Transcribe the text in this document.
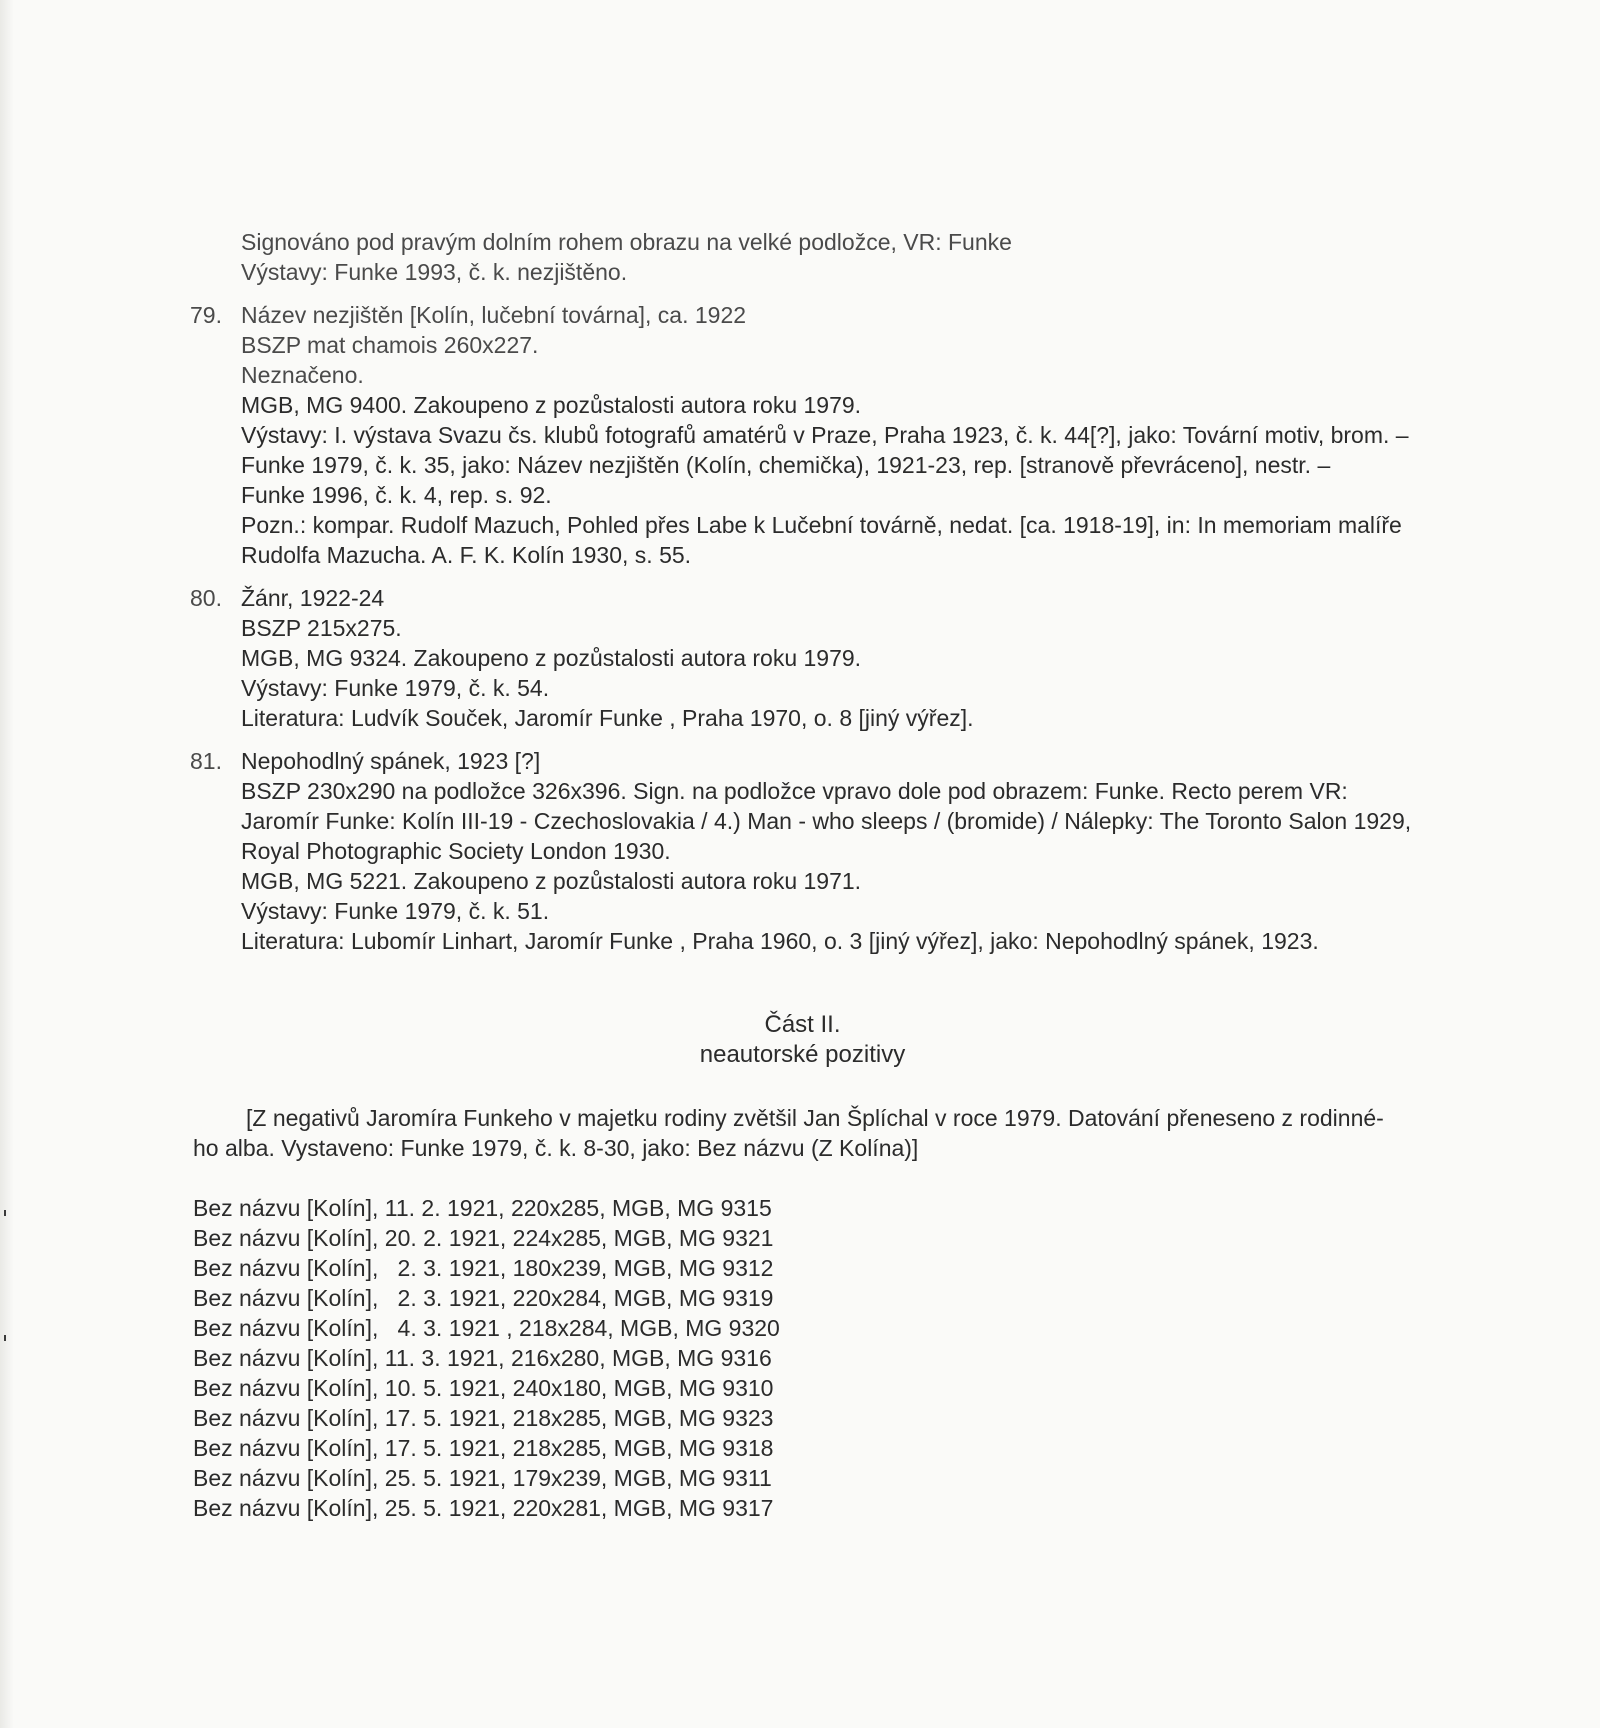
Signováno pod pravým dolním rohem obrazu na velké podložce, VR: Funke
Výstavy: Funke 1993, č. k. nezjištěno.
79. Název nezjištěn [Kolín, lučební továrna], ca. 1922
BSZP mat chamois 260x227.
Neznačeno.
MGB, MG 9400. Zakoupeno z pozůstalosti autora roku 1979.
Výstavy: I. výstava Svazu čs. klubů fotografů amatérů v Praze, Praha 1923, č. k. 44[?], jako: Tovární motiv, brom. –
Funke 1979, č. k. 35, jako: Název nezjištěn (Kolín, chemička), 1921-23, rep. [stranově převráceno], nestr. –
Funke 1996, č. k. 4, rep. s. 92.
Pozn.: kompar. Rudolf Mazuch, Pohled přes Labe k Lučební továrně, nedat. [ca. 1918-19], in: In memoriam malíře
Rudolfa Mazucha. A. F. K. Kolín 1930, s. 55.
80. Žánr, 1922-24
BSZP 215x275.
MGB, MG 9324. Zakoupeno z pozůstalosti autora roku 1979.
Výstavy: Funke 1979, č. k. 54.
Literatura: Ludvík Souček, Jaromír Funke , Praha 1970, o. 8 [jiný výřez].
81. Nepohodlný spánek, 1923 [?]
BSZP 230x290 na podložce 326x396. Sign. na podložce vpravo dole pod obrazem: Funke. Recto perem VR:
Jaromír Funke: Kolín III-19 - Czechoslovakia / 4.) Man - who sleeps / (bromide) / Nálepky: The Toronto Salon 1929,
Royal Photographic Society London 1930.
MGB, MG 5221. Zakoupeno z pozůstalosti autora roku 1971.
Výstavy: Funke 1979, č. k. 51.
Literatura: Lubomír Linhart, Jaromír Funke , Praha 1960, o. 3 [jiný výřez], jako: Nepohodlný spánek, 1923.
Část II.
neautorské pozitivy
[Z negativů Jaromíra Funkeho v majetku rodiny zvětšil Jan Šplíchal v roce 1979. Datování přeneseno z rodinné-
ho alba. Vystaveno: Funke 1979, č. k. 8-30, jako: Bez názvu (Z Kolína)]
Bez názvu [Kolín], 11. 2. 1921, 220x285, MGB, MG 9315
Bez názvu [Kolín], 20. 2. 1921, 224x285, MGB, MG 9321
Bez názvu [Kolín],   2. 3. 1921, 180x239, MGB, MG 9312
Bez názvu [Kolín],   2. 3. 1921, 220x284, MGB, MG 9319
Bez názvu [Kolín],   4. 3. 1921 , 218x284, MGB, MG 9320
Bez názvu [Kolín], 11. 3. 1921, 216x280, MGB, MG 9316
Bez názvu [Kolín], 10. 5. 1921, 240x180, MGB, MG 9310
Bez názvu [Kolín], 17. 5. 1921, 218x285, MGB, MG 9323
Bez názvu [Kolín], 17. 5. 1921, 218x285, MGB, MG 9318
Bez názvu [Kolín], 25. 5. 1921, 179x239, MGB, MG 9311
Bez názvu [Kolín], 25. 5. 1921, 220x281, MGB, MG 9317
